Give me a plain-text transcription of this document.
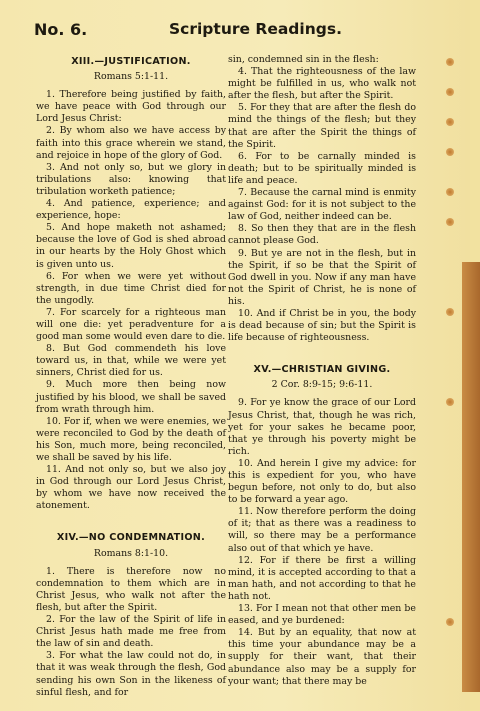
No. 6.	Scripture Readings.
XIII.—JUSTIFICATION.
Romans 5:1-11.

1. Therefore being justified by faith, we have peace with God through our Lord Jesus Christ:

2. By whom also we have access by faith into this grace wherein we stand, and rejoice in hope of the glory of God.

3. And not only so, but we glory in tribulations also: knowing that tribulation worketh patience;

4. And patience, experience; and experience, hope:

5. And hope maketh not ashamed; because the love of God is shed abroad in our hearts by the Holy Ghost which is given unto us.

6. For when we were yet without strength, in due time Christ died for the ungodly.

7. For scarcely for a righteous man will one die: yet peradventure for a good man some would even dare to die.

8. But God commendeth his love toward us, in that, while we were yet sinners, Christ died for us.

9. Much more then being now justified by his blood, we shall be saved from wrath through him.

10. For if, when we were enemies, we were reconciled to God by the death of his Son, much more, being reconciled, we shall be saved by his life.

11. And not only so, but we also joy in God through our Lord Jesus Christ, by whom we have now received the atonement.

XIV.—NO CONDEMNATION.
Romans 8:1-10.

1. There is therefore now no condemnation to them which are in Christ Jesus, who walk not after the flesh, but after the Spirit.

2. For the law of the Spirit of life in Christ Jesus hath made me free from the law of sin and death.

3. For what the law could not do, in that it was weak through the flesh, God sending his own Son in the likeness of sinful flesh, and for

sin, condemned sin in the flesh:

4. That the righteousness of the law might be fulfilled in us, who walk not after the flesh, but after the Spirit.

5. For they that are after the flesh do mind the things of the flesh; but they that are after the Spirit the things of the Spirit.

6. For to be carnally minded is death; but to be spiritually minded is life and peace.

7. Because the carnal mind is enmity against God: for it is not subject to the law of God, neither indeed can be.

8. So then they that are in the flesh cannot please God.

9. But ye are not in the flesh, but in the Spirit, if so be that the Spirit of God dwell in you. Now if any man have not the Spirit of Christ, he is none of his.

10. And if Christ be in you, the body is dead because of sin; but the Spirit is life because of righteousness.

XV.—CHRISTIAN GIVING.
2 Cor. 8:9-15; 9:6-11.

9. For ye know the grace of our Lord Jesus Christ, that, though he was rich, yet for your sakes he became poor, that ye through his poverty might be rich.

10. And herein I give my advice: for this is expedient for you, who have begun before, not only to do, but also to be forward a year ago.

11. Now therefore perform the doing of it; that as there was a readiness to will, so there may be a performance also out of that which ye have.

12. For if there be first a willing mind, it is accepted according to that a man hath, and not according to that he hath not.

13. For I mean not that other men be eased, and ye burdened:

14. But by an equality, that now at this time your abundance may be a supply for their want, that their abundance also may be a supply for your want; that there may be
